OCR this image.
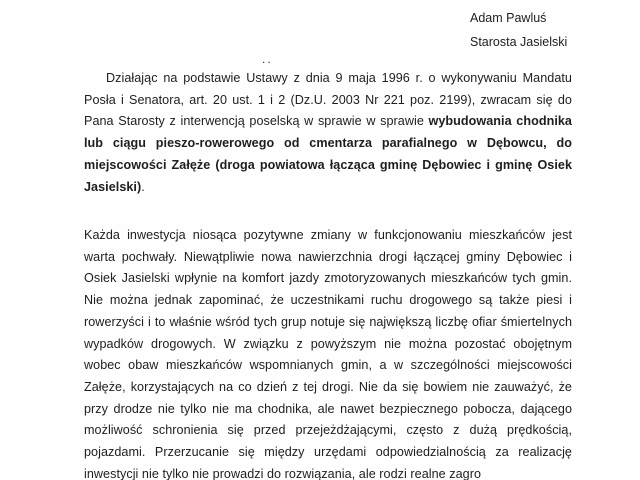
Adam Pawluś
Starosta Jasielski
..
Działając na podstawie Ustawy z dnia 9 maja 1996 r. o wykonywaniu Mandatu Posła i Senatora, art. 20 ust. 1 i 2 (Dz.U. 2003 Nr 221 poz. 2199), zwracam się do Pana Starosty z interwencją poselską w sprawie w sprawie wybudowania chodnika lub ciągu pieszo-rowerowego od cmentarza parafialnego w Dębowcu, do miejscowości Załęże (droga powiatowa łącząca gminę Dębowiec i gminę Osiek Jasielski).
Każda inwestycja niosąca pozytywne zmiany w funkcjonowaniu mieszkańców jest warta pochwały. Niewątpliwie nowa nawierzchnia drogi łączącej gminy Dębowiec i Osiek Jasielski wpłynie na komfort jazdy zmotoryzowanych mieszkańców tych gmin. Nie można jednak zapominać, że uczestnikami ruchu drogowego są także piesi i rowerzyści i to właśnie wśród tych grup notuje się największą liczbę ofiar śmiertelnych wypadków drogowych. W związku z powyższym nie można pozostać obojętnym wobec obaw mieszkańców wspomnianych gmin, a w szczególności miejscowości Załęże, korzystających na co dzień z tej drogi. Nie da się bowiem nie zauważyć, że przy drodze nie tylko nie ma chodnika, ale nawet bezpiecznego pobocza, dającego możliwość schronienia się przed przejeżdżającymi, często z dużą prędkością, pojazdami. Przerzucanie się między urzędami odpowiedzialnością za realizację inwestycji nie tylko nie prowadzi do rozwiązania, ale rodzi realne zagro
